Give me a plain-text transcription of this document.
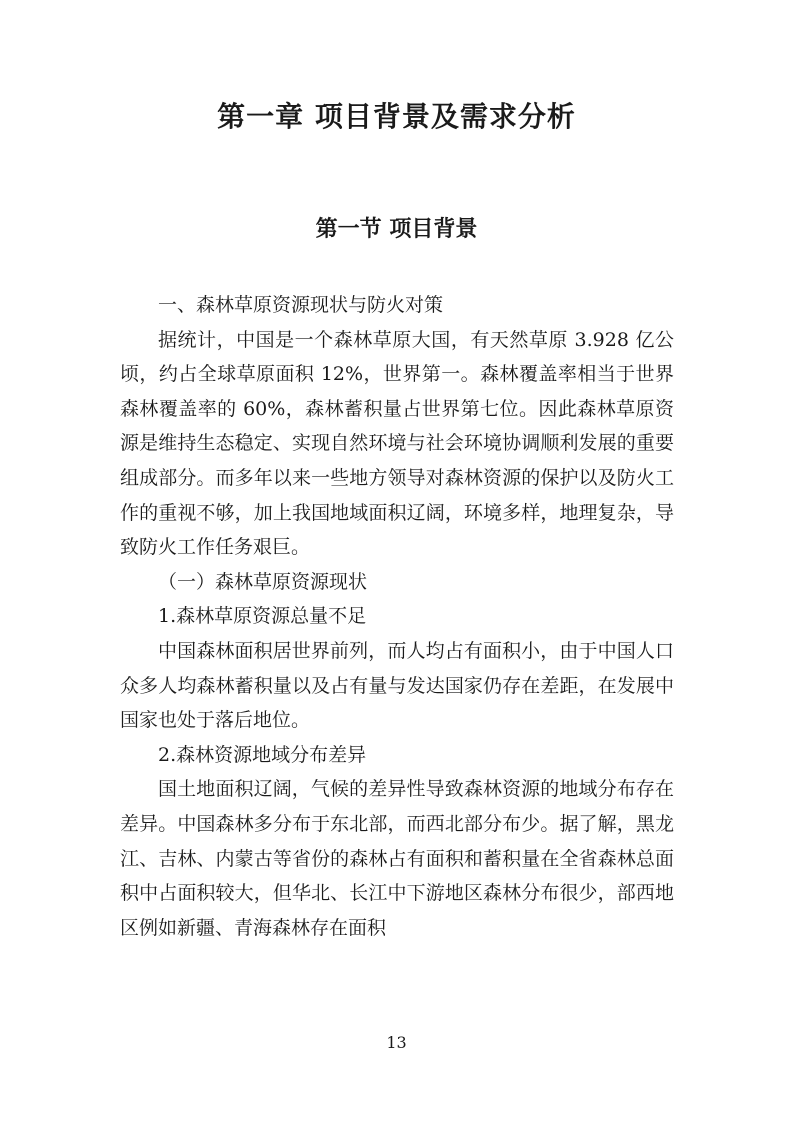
第一章 项目背景及需求分析
第一节 项目背景

一、森林草原资源现状与防火对策

据统计，中国是一个森林草原大国，有天然草原 3.928 亿公顷，约占全球草原面积 12%，世界第一。森林覆盖率相当于世界森林覆盖率的 60%，森林蓄积量占世界第七位。因此森林草原资源是维持生态稳定、实现自然环境与社会环境协调顺利发展的重要组成部分。而多年以来一些地方领导对森林资源的保护以及防火工作的重视不够，加上我国地域面积辽阔，环境多样，地理复杂，导致防火工作任务艰巨。

（一）森林草原资源现状

1.森林草原资源总量不足

中国森林面积居世界前列，而人均占有面积小，由于中国人口众多人均森林蓄积量以及占有量与发达国家仍存在差距，在发展中国家也处于落后地位。

2.森林资源地域分布差异

国土地面积辽阔，气候的差异性导致森林资源的地域分布存在差异。中国森林多分布于东北部，而西北部分布少。据了解，黑龙江、吉林、内蒙古等省份的森林占有面积和蓄积量在全省森林总面积中占面积较大，但华北、长江中下游地区森林分布很少，部西地区例如新疆、青海森林存在面积

13
